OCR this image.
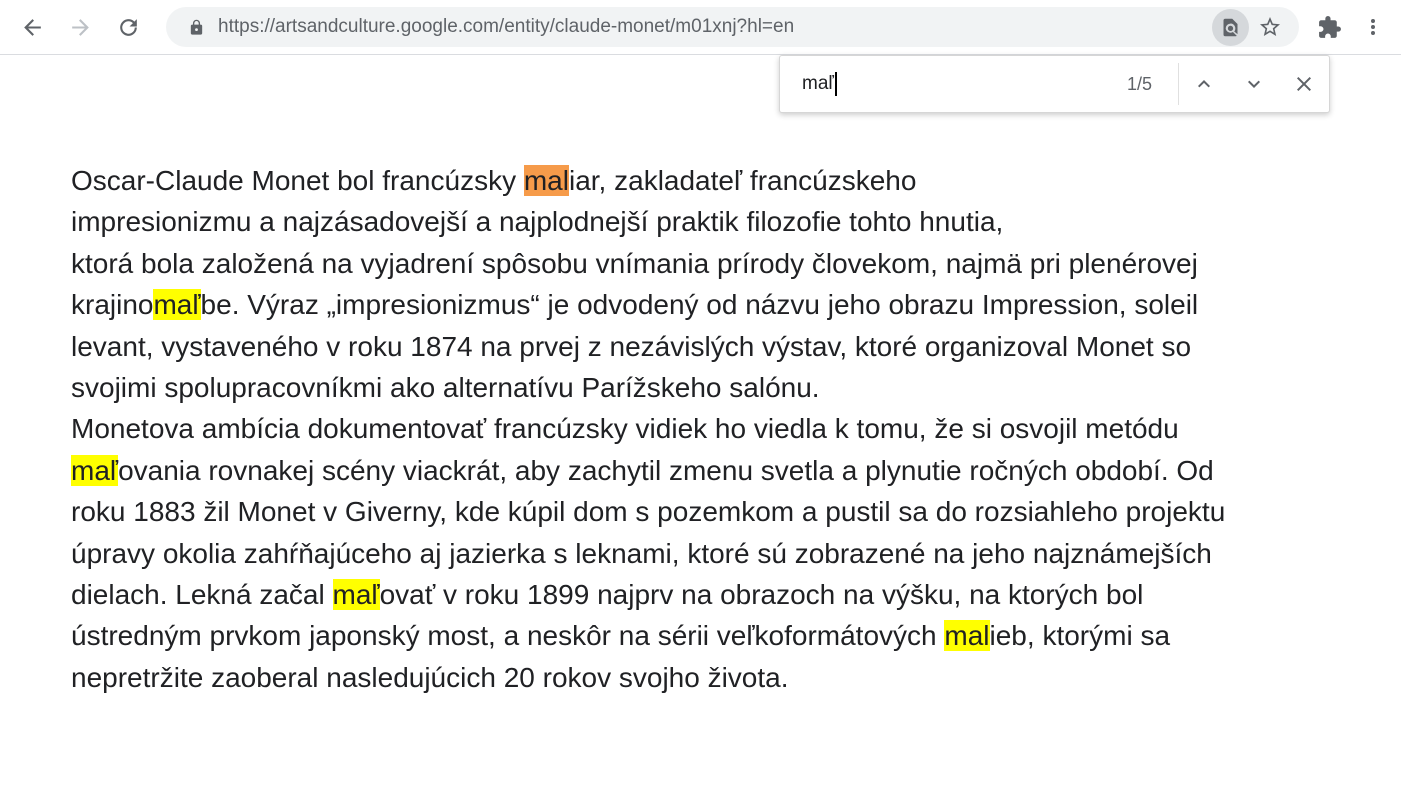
https://artsandculture.google.com/entity/claude-monet/m01xnj?hl=en
maľ	1/5
Oscar-Claude Monet bol francúzsky maliar, zakladateľ francúzskeho
impresionizmu a najzásadovejší a najplodnejší praktik filozofie tohto hnutia,
ktorá bola založená na vyjadrení spôsobu vnímania prírody človekom, najmä pri plenérovej
krajinomaľbe. Výraz „impresionizmus“ je odvodený od názvu jeho obrazu Impression, soleil
levant, vystaveného v roku 1874 na prvej z nezávislých výstav, ktoré organizoval Monet so
svojimi spolupracovníkmi ako alternatívu Parížskeho salónu.
Monetova ambícia dokumentovať francúzsky vidiek ho viedla k tomu, že si osvojil metódu
maľovania rovnakej scény viackrát, aby zachytil zmenu svetla a plynutie ročných období. Od
roku 1883 žil Monet v Giverny, kde kúpil dom s pozemkom a pustil sa do rozsiahleho projektu
úpravy okolia zahŕňajúceho aj jazierka s leknami, ktoré sú zobrazené na jeho najznámejších
dielach. Lekná začal maľovať v roku 1899 najprv na obrazoch na výšku, na ktorých bol
ústredným prvkom japonský most, a neskôr na sérii veľkoformátových malieb, ktorými sa
nepretržite zaoberal nasledujúcich 20 rokov svojho života.
